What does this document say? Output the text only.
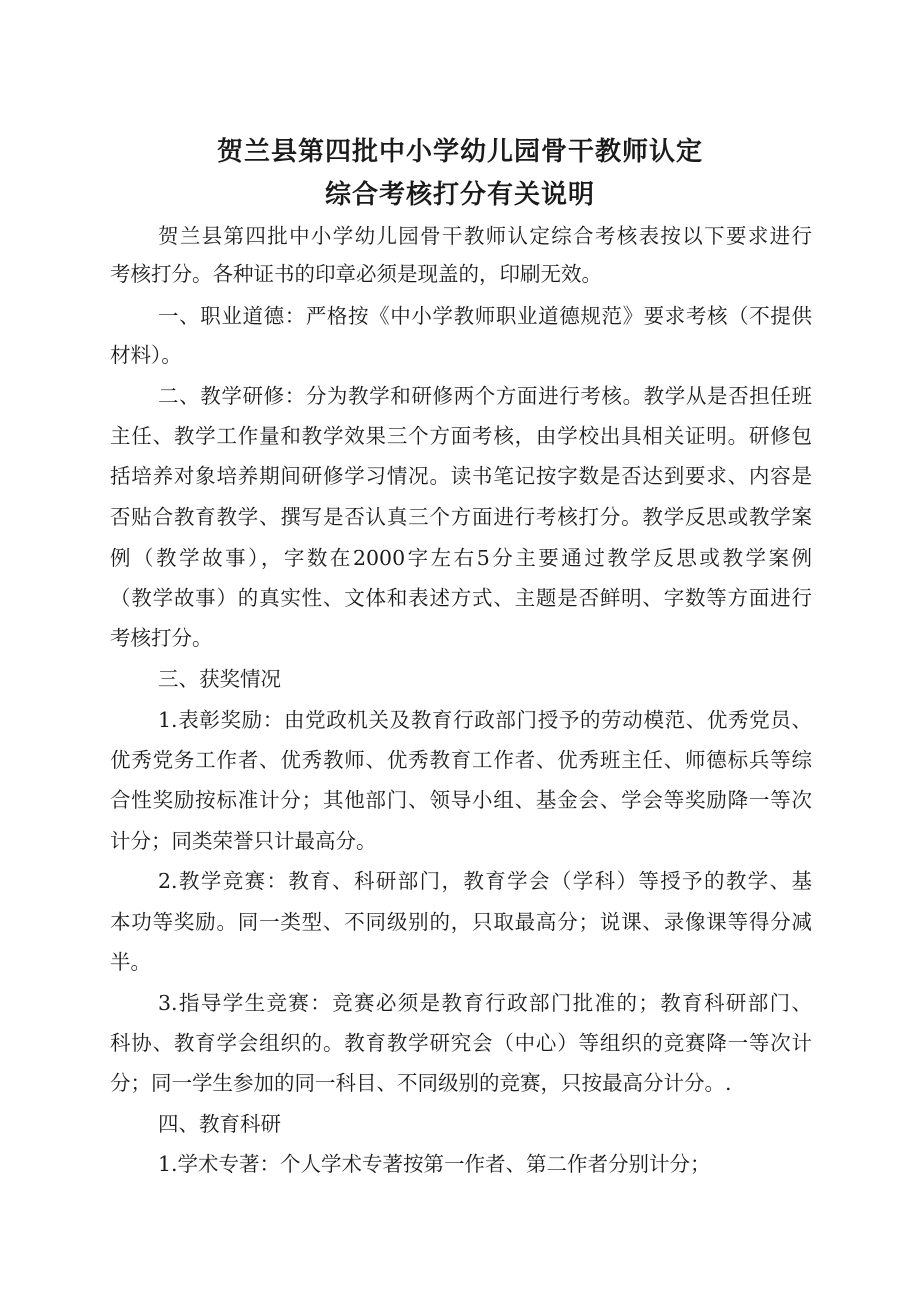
贺兰县第四批中小学幼儿园骨干教师认定
综合考核打分有关说明
贺兰县第四批中小学幼儿园骨干教师认定综合考核表按以下要求进行
考核打分。各种证书的印章必须是现盖的，印刷无效。
一、职业道德：严格按《中小学教师职业道德规范》要求考核（不提供
材料）。
二、教学研修：分为教学和研修两个方面进行考核。教学从是否担任班
主任、教学工作量和教学效果三个方面考核，由学校出具相关证明。研修包
括培养对象培养期间研修学习情况。读书笔记按字数是否达到要求、内容是
否贴合教育教学、撰写是否认真三个方面进行考核打分。教学反思或教学案
例（教学故事），字数在2000字左右5分主要通过教学反思或教学案例
（教学故事）的真实性、文体和表述方式、主题是否鲜明、字数等方面进行
考核打分。
三、获奖情况
1.表彰奖励：由党政机关及教育行政部门授予的劳动模范、优秀党员、
优秀党务工作者、优秀教师、优秀教育工作者、优秀班主任、师德标兵等综
合性奖励按标准计分；其他部门、领导小组、基金会、学会等奖励降一等次
计分；同类荣誉只计最高分。
2.教学竞赛：教育、科研部门，教育学会（学科）等授予的教学、基
本功等奖励。同一类型、不同级别的，只取最高分；说课、录像课等得分减
半。
3.指导学生竞赛：竞赛必须是教育行政部门批准的；教育科研部门、
科协、教育学会组织的。教育教学研究会（中心）等组织的竞赛降一等次计
分；同一学生参加的同一科目、不同级别的竞赛，只按最高分计分。.
四、教育科研
1.学术专著：个人学术专著按第一作者、第二作者分别计分；
